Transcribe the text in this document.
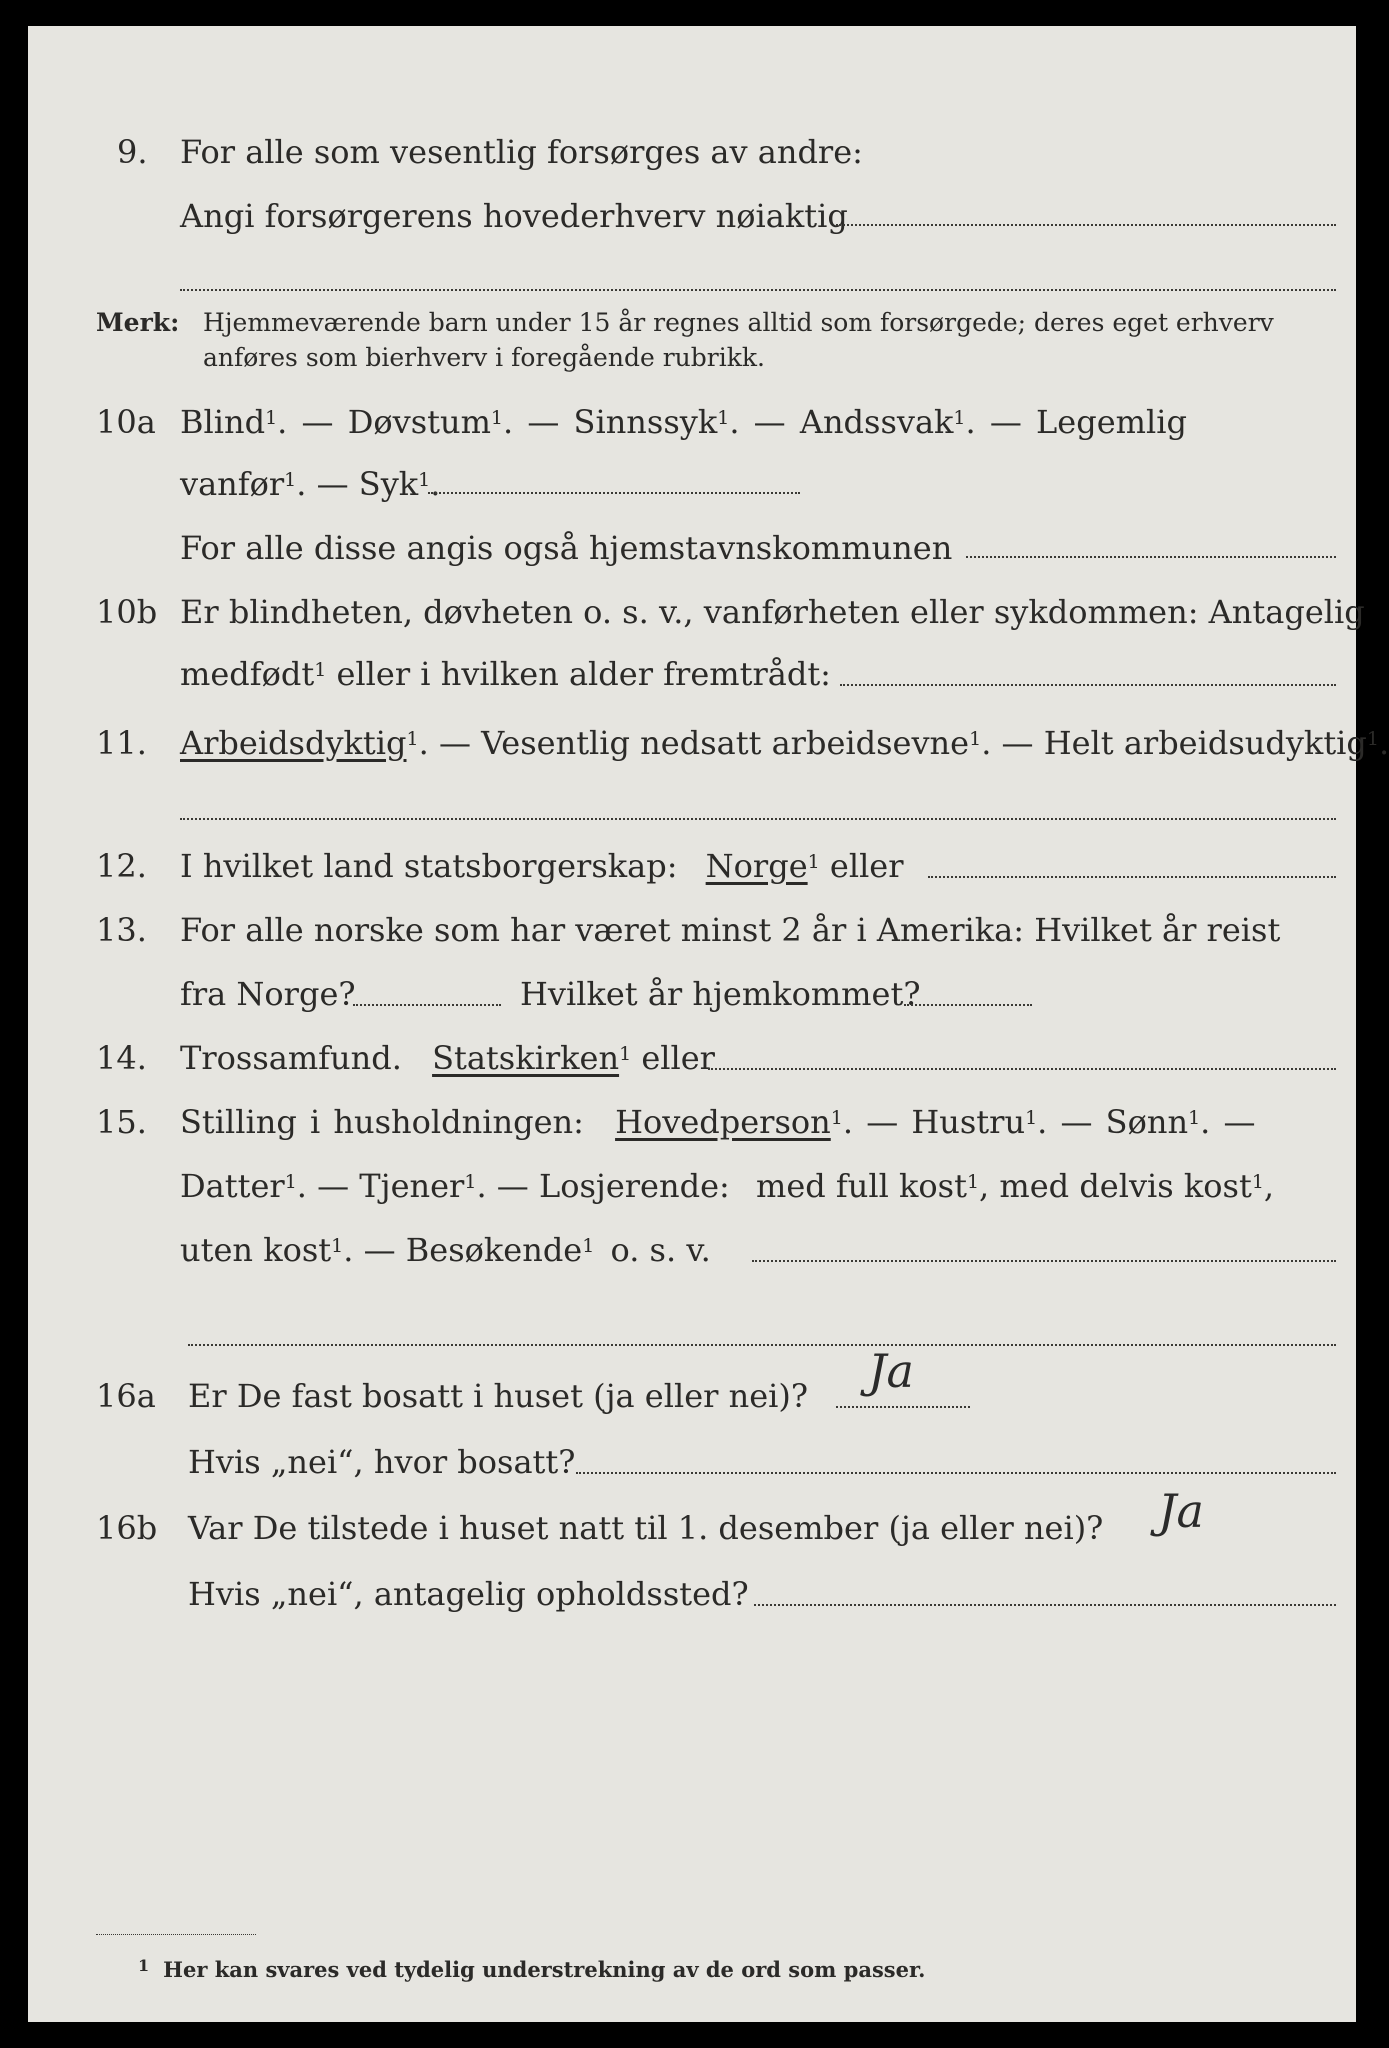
9. For alle som vesentlig forsørges av andre:
Angi forsørgerens hovederhverv nøiaktig
Merk: Hjemmeværende barn under 15 år regnes alltid som forsørgede; deres eget erhverv
anføres som bierhverv i foregående rubrikk.
10a Blind$^1$. — Døvstum$^1$. — Sinnssyk$^1$. — Andssvak$^1$. — Legemlig
vanfør$^1$. — Syk$^1$.
For alle disse angis også hjemstavnskommunen
10b Er blindheten, døvheten o. s. v., vanførheten eller sykdommen: Antagelig
medfødt$^1$ eller i hvilken alder fremtrådt:
11. Arbeidsdyktig$^1$. — Vesentlig nedsatt arbeidsevne$^1$. — Helt arbeidsudyktig$^1$.
12. I hvilket land statsborgerskap: Norge$^1$ eller
13. For alle norske som har været minst 2 år i Amerika: Hvilket år reist
fra Norge?	Hvilket år hjemkommet?
14. Trossamfund. Statskirken$^1$ eller
15. Stilling i husholdningen: Hovedperson$^1$. — Hustru$^1$. — Sønn$^1$. —
Datter$^1$. — Tjener$^1$. — Losjerende: med full kost$^1$, med delvis kost$^1$,
uten kost$^1$. — Besøkende$^1$ o. s. v.
16a Er De fast bosatt i huset (ja eller nei)? Ja
Hvis „nei“, hvor bosatt?
16b Var De tilstede i huset natt til 1. desember (ja eller nei)? Ja
Hvis „nei“, antagelig opholdssted?
$^1$ Her kan svares ved tydelig understrekning av de ord som passer.
